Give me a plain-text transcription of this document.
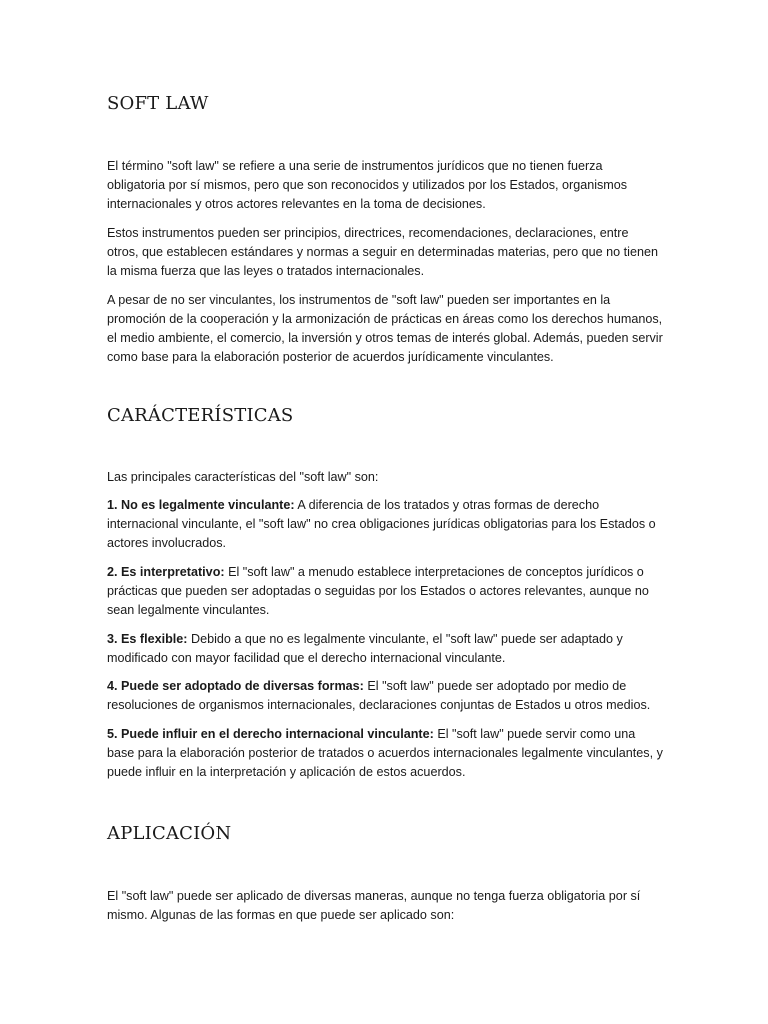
SOFT LAW

El término "soft law" se refiere a una serie de instrumentos jurídicos que no tienen fuerza obligatoria por sí mismos, pero que son reconocidos y utilizados por los Estados, organismos internacionales y otros actores relevantes en la toma de decisiones.

Estos instrumentos pueden ser principios, directrices, recomendaciones, declaraciones, entre otros, que establecen estándares y normas a seguir en determinadas materias, pero que no tienen la misma fuerza que las leyes o tratados internacionales.

A pesar de no ser vinculantes, los instrumentos de "soft law" pueden ser importantes en la promoción de la cooperación y la armonización de prácticas en áreas como los derechos humanos, el medio ambiente, el comercio, la inversión y otros temas de interés global. Además, pueden servir como base para la elaboración posterior de acuerdos jurídicamente vinculantes.

CARÁCTERÍSTICAS

Las principales características del "soft law" son:

1. No es legalmente vinculante: A diferencia de los tratados y otras formas de derecho internacional vinculante, el "soft law" no crea obligaciones jurídicas obligatorias para los Estados o actores involucrados.

2. Es interpretativo: El "soft law" a menudo establece interpretaciones de conceptos jurídicos o prácticas que pueden ser adoptadas o seguidas por los Estados o actores relevantes, aunque no sean legalmente vinculantes.

3. Es flexible: Debido a que no es legalmente vinculante, el "soft law" puede ser adaptado y modificado con mayor facilidad que el derecho internacional vinculante.

4. Puede ser adoptado de diversas formas: El "soft law" puede ser adoptado por medio de resoluciones de organismos internacionales, declaraciones conjuntas de Estados u otros medios.

5. Puede influir en el derecho internacional vinculante: El "soft law" puede servir como una base para la elaboración posterior de tratados o acuerdos internacionales legalmente vinculantes, y puede influir en la interpretación y aplicación de estos acuerdos.

APLICACIÓN

El "soft law" puede ser aplicado de diversas maneras, aunque no tenga fuerza obligatoria por sí mismo. Algunas de las formas en que puede ser aplicado son:
